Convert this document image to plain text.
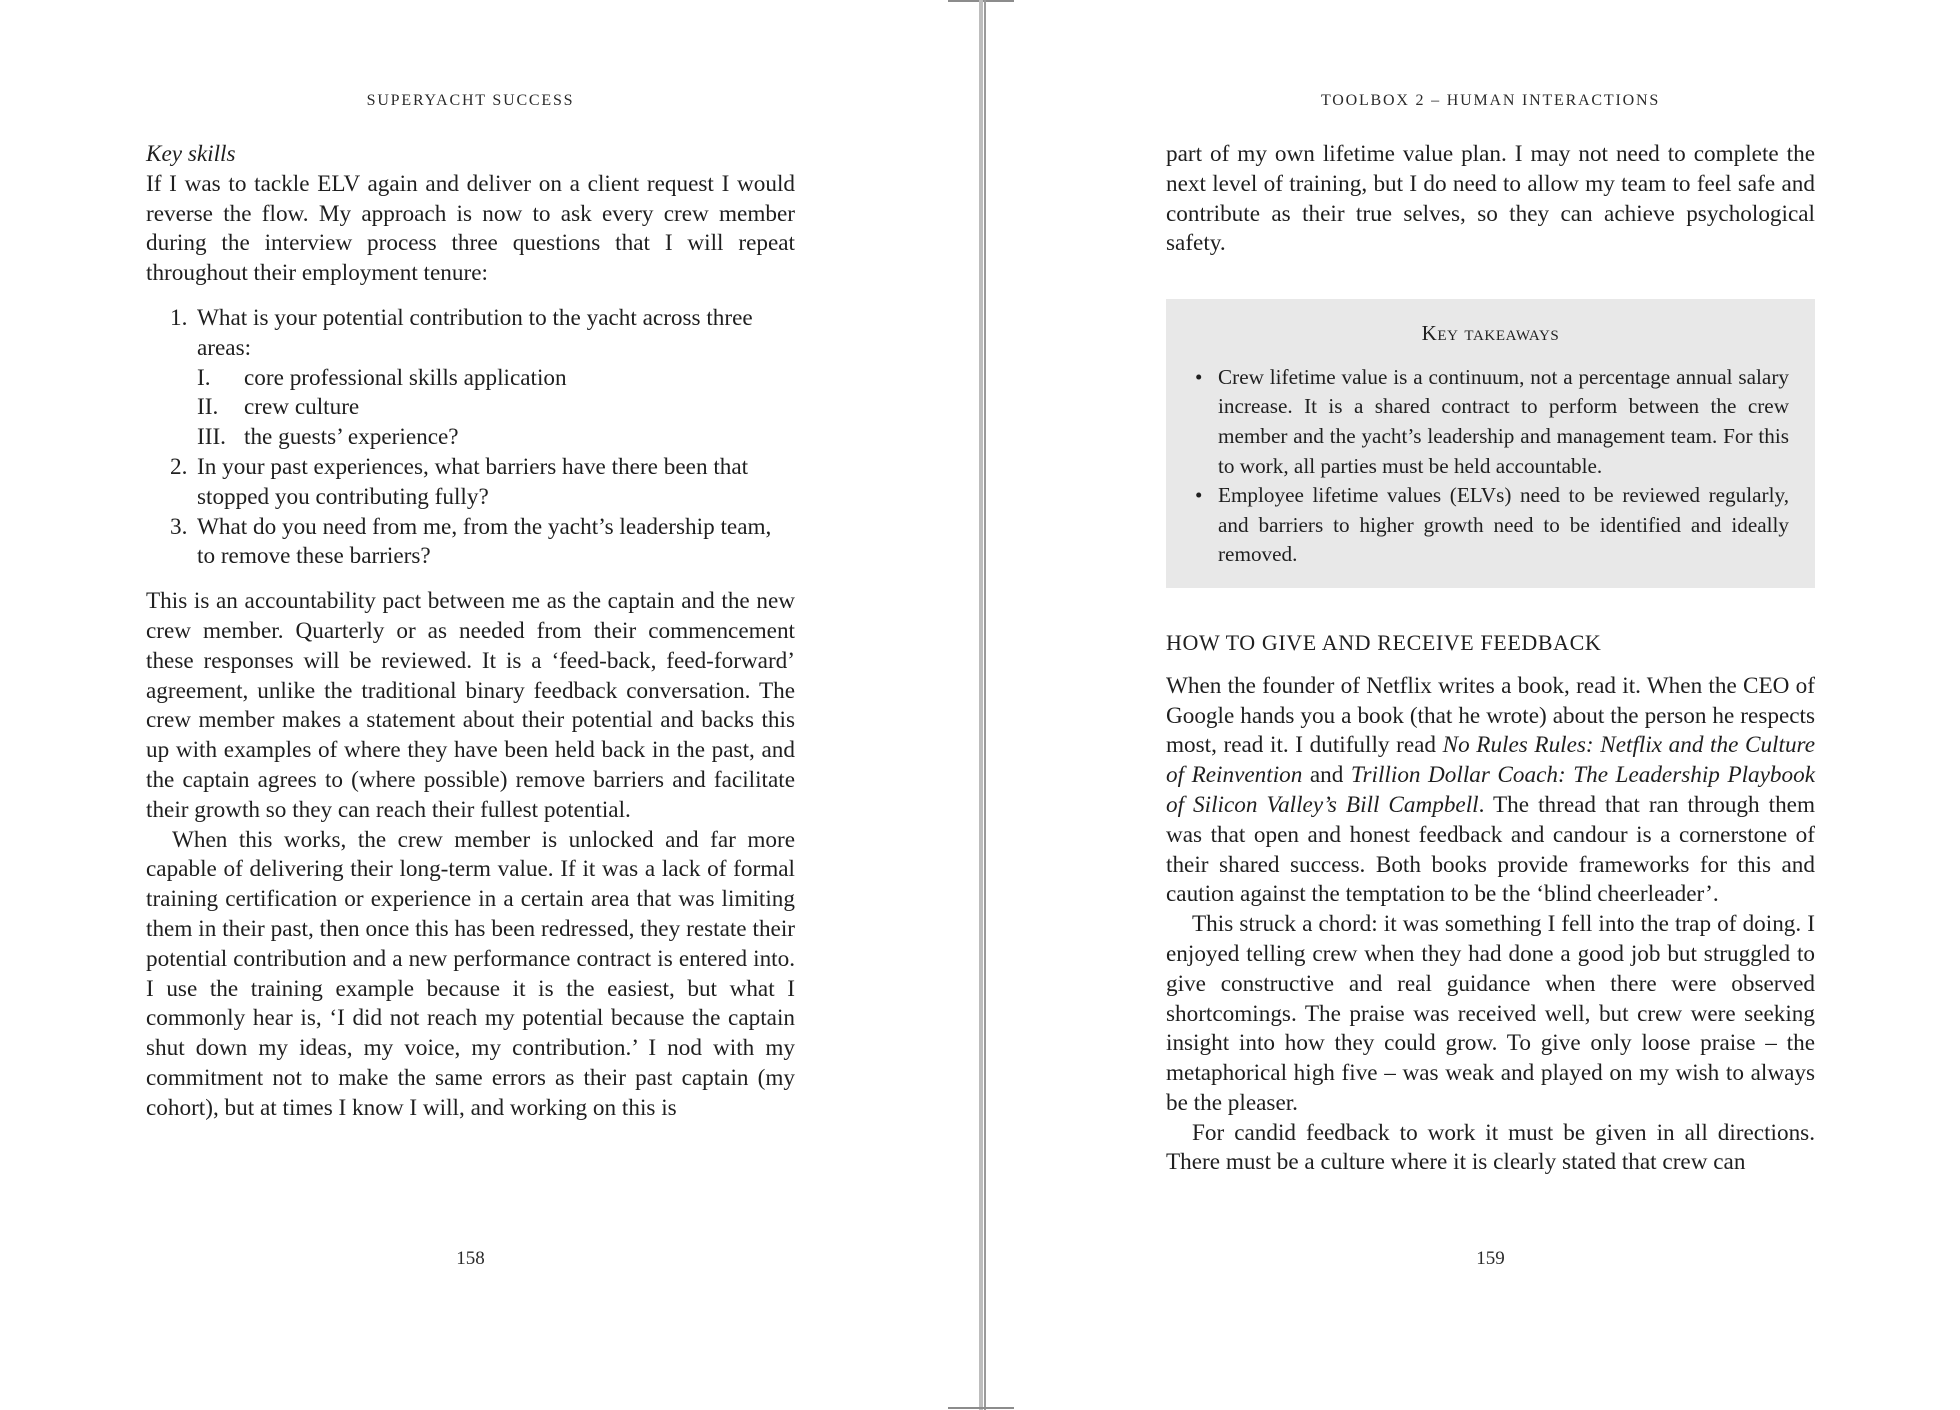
SUPERYACHT SUCCESS

Key skills

If I was to tackle ELV again and deliver on a client request I would reverse the flow. My approach is now to ask every crew member during the interview process three questions that I will repeat throughout their employment tenure:

1. What is your potential contribution to the yacht across three areas:
I. core professional skills application
II. crew culture
III. the guests’ experience?
2. In your past experiences, what barriers have there been that stopped you contributing fully?
3. What do you need from me, from the yacht’s leadership team, to remove these barriers?

This is an accountability pact between me as the captain and the new crew member. Quarterly or as needed from their commencement these responses will be reviewed. It is a ‘feed-back, feed-forward’ agreement, unlike the traditional binary feedback conversation. The crew member makes a statement about their potential and backs this up with examples of where they have been held back in the past, and the captain agrees to (where possible) remove barriers and facilitate their growth so they can reach their fullest potential.

When this works, the crew member is unlocked and far more capable of delivering their long-term value. If it was a lack of formal training certification or experience in a certain area that was limiting them in their past, then once this has been redressed, they restate their potential contribution and a new performance contract is entered into. I use the training example because it is the easiest, but what I commonly hear is, ‘I did not reach my potential because the captain shut down my ideas, my voice, my contribution.’ I nod with my commitment not to make the same errors as their past captain (my cohort), but at times I know I will, and working on this is

158
TOOLBOX 2 – HUMAN INTERACTIONS

part of my own lifetime value plan. I may not need to complete the next level of training, but I do need to allow my team to feel safe and contribute as their true selves, so they can achieve psychological safety.

Key takeaways
• Crew lifetime value is a continuum, not a percentage annual salary increase. It is a shared contract to perform between the crew member and the yacht’s leadership and management team. For this to work, all parties must be held accountable.
• Employee lifetime values (ELVs) need to be reviewed regularly, and barriers to higher growth need to be identified and ideally removed.
HOW TO GIVE AND RECEIVE FEEDBACK

When the founder of Netflix writes a book, read it. When the CEO of Google hands you a book (that he wrote) about the person he respects most, read it. I dutifully read No Rules Rules: Netflix and the Culture of Reinvention and Trillion Dollar Coach: The Leadership Playbook of Silicon Valley’s Bill Campbell. The thread that ran through them was that open and honest feedback and candour is a cornerstone of their shared success. Both books provide frameworks for this and caution against the temptation to be the ‘blind cheerleader’.

This struck a chord: it was something I fell into the trap of doing. I enjoyed telling crew when they had done a good job but struggled to give constructive and real guidance when there were observed shortcomings. The praise was received well, but crew were seeking insight into how they could grow. To give only loose praise – the metaphorical high five – was weak and played on my wish to always be the pleaser.

For candid feedback to work it must be given in all directions. There must be a culture where it is clearly stated that crew can

159
